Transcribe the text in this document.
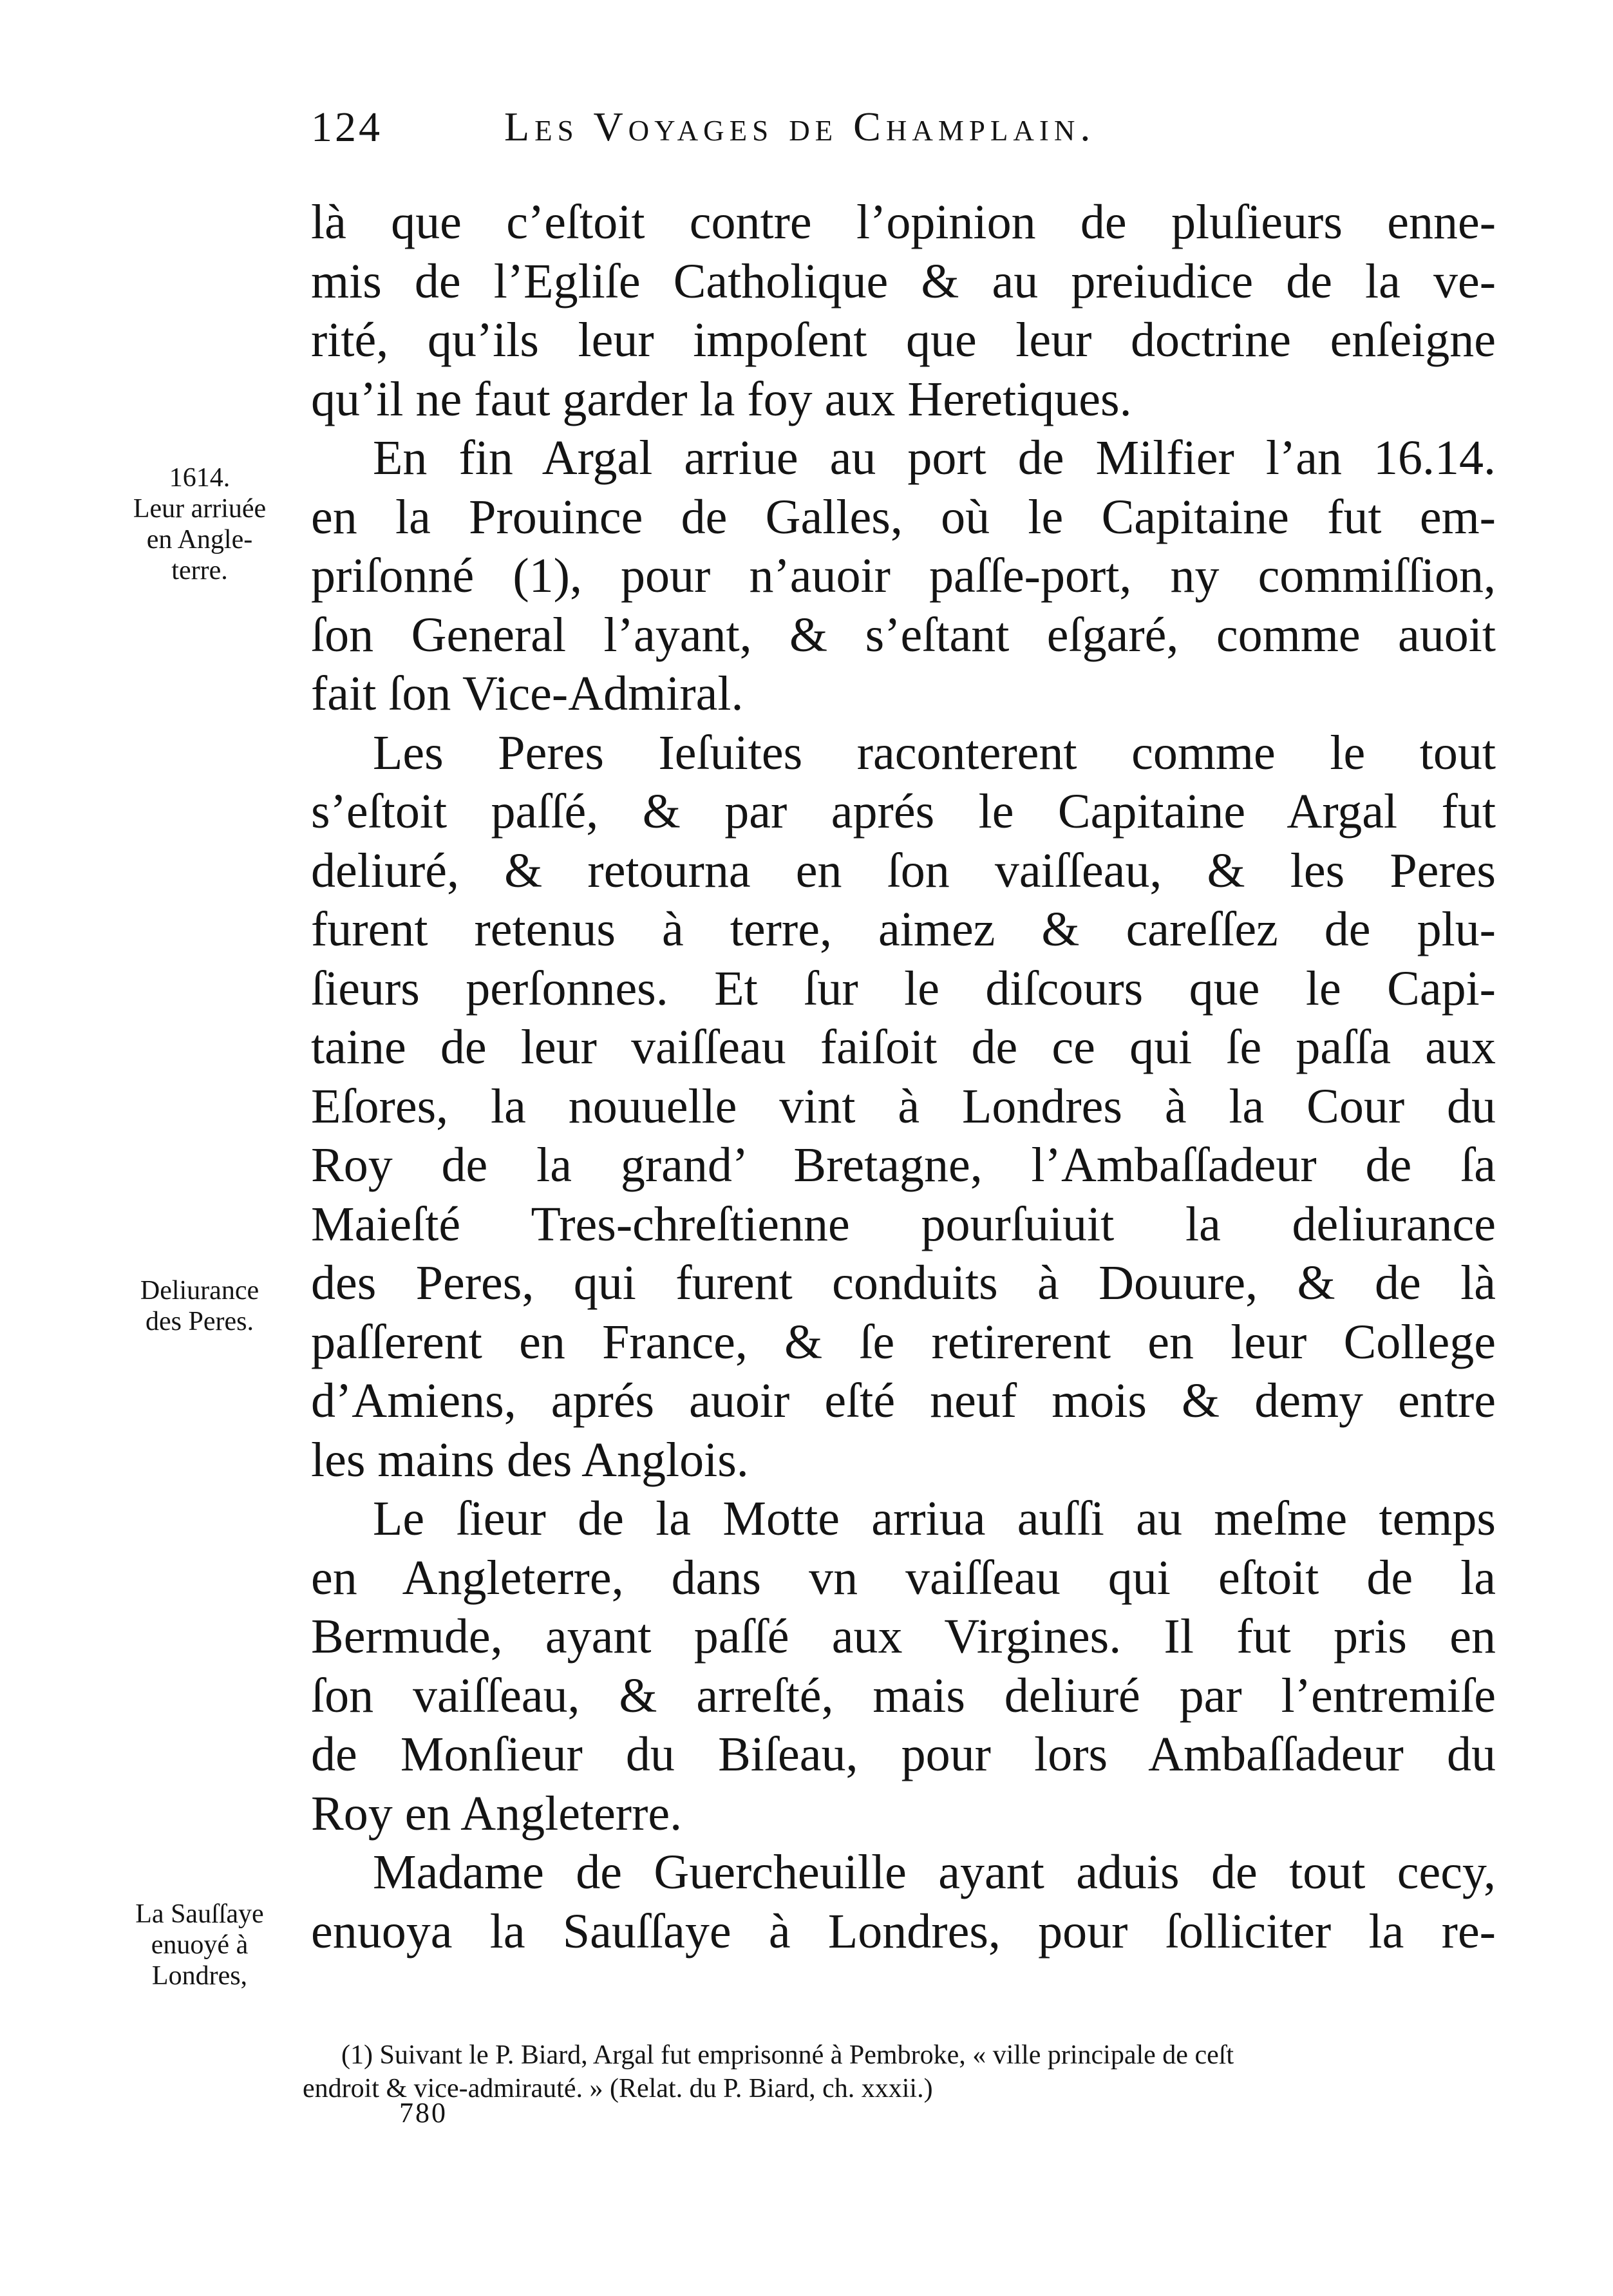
124	Les Voyages de Champlain.
là que c’eſtoit contre l’opinion de pluſieurs enne-
mis de l’Egliſe Catholique & au preiudice de la ve-
rité, qu’ils leur impoſent que leur doctrine enſeigne
qu’il ne faut garder la foy aux Heretiques.
En fin Argal arriue au port de Milfier l’an 16.14.
en la Prouince de Galles, où le Capitaine fut em-
priſonné (1), pour n’auoir paſſe-port, ny commiſſion,
ſon General l’ayant, & s’eſtant eſgaré, comme auoit
fait ſon Vice-Admiral.
Les Peres Ieſuites raconterent comme le tout
s’eſtoit paſſé, & par aprés le Capitaine Argal fut
deliuré, & retourna en ſon vaiſſeau, & les Peres
furent retenus à terre, aimez & careſſez de plu-
ſieurs perſonnes. Et ſur le diſcours que le Capi-
taine de leur vaiſſeau faiſoit de ce qui ſe paſſa aux
Eſores, la nouuelle vint à Londres à la Cour du
Roy de la grand’ Bretagne, l’Ambaſſadeur de ſa
Maieſté Tres-chreſtienne pourſuiuit la deliurance
des Peres, qui furent conduits à Douure, & de là
paſſerent en France, & ſe retirerent en leur College
d’Amiens, aprés auoir eſté neuf mois & demy entre
les mains des Anglois.
Le ſieur de la Motte arriua auſſi au meſme temps
en Angleterre, dans vn vaiſſeau qui eſtoit de la
Bermude, ayant paſſé aux Virgines. Il fut pris en
ſon vaiſſeau, & arreſté, mais deliuré par l’entremiſe
de Monſieur du Biſeau, pour lors Ambaſſadeur du
Roy en Angleterre.
Madame de Guercheuille ayant aduis de tout cecy,
enuoya la Sauſſaye à Londres, pour ſolliciter la re-
1614.
Leur arriuée
en Angle-
terre.
Deliurance
des Peres.
La Sauſſaye
enuoyé à
Londres,
(1) Suivant le P. Biard, Argal fut emprisonné à Pembroke, « ville principale de ceſt
endroit & vice-admirauté. » (Relat. du P. Biard, ch. xxxii.)
780
